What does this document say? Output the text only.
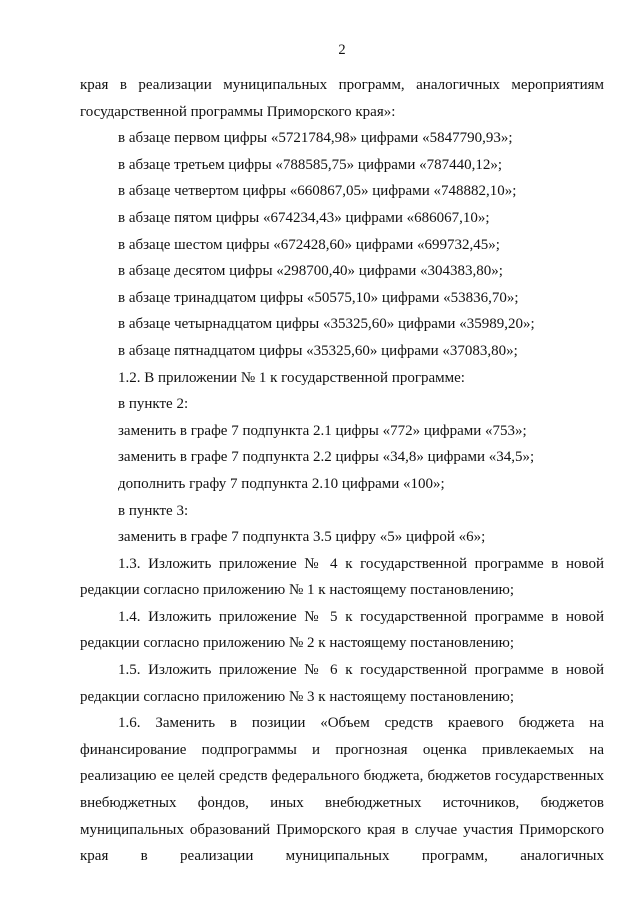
2

края в реализации муниципальных программ, аналогичных мероприятиям

государственной программы Приморского края»:

в абзаце первом цифры «5721784,98» цифрами «5847790,93»;
в абзаце третьем цифры «788585,75» цифрами «787440,12»;
в абзаце четвертом цифры «660867,05» цифрами «748882,10»;
в абзаце пятом цифры «674234,43» цифрами «686067,10»;
в абзаце шестом цифры «672428,60» цифрами «699732,45»;
в абзаце десятом цифры «298700,40» цифрами «304383,80»;
в абзаце тринадцатом цифры «50575,10» цифрами «53836,70»;
в абзаце четырнадцатом цифры «35325,60» цифрами «35989,20»;
в абзаце пятнадцатом цифры «35325,60» цифрами «37083,80»;
1.2. В приложении № 1 к государственной программе:
в пункте 2:
заменить в графе 7 подпункта 2.1 цифры «772» цифрами «753»;
заменить в графе 7 подпункта 2.2 цифры «34,8» цифрами «34,5»;
дополнить графу 7 подпункта 2.10 цифрами «100»;
в пункте 3:
заменить в графе 7 подпункта 3.5 цифру «5» цифрой «6»;

1.3. Изложить приложение № 4 к государственной программе в новой

редакции согласно приложению № 1 к настоящему постановлению;

1.4. Изложить приложение № 5 к государственной программе в новой

редакции согласно приложению № 2 к настоящему постановлению;

1.5. Изложить приложение № 6 к государственной программе в новой

редакции согласно приложению № 3 к настоящему постановлению;

1.6. Заменить в позиции «Объем средств краевого бюджета на финансирование подпрограммы и прогнозная оценка привлекаемых на реализацию ее целей средств федерального бюджета, бюджетов государственных внебюджетных фондов, иных внебюджетных источников, бюджетов муниципальных образований Приморского края в случае участия Приморского края в реализации муниципальных программ, аналогичных
